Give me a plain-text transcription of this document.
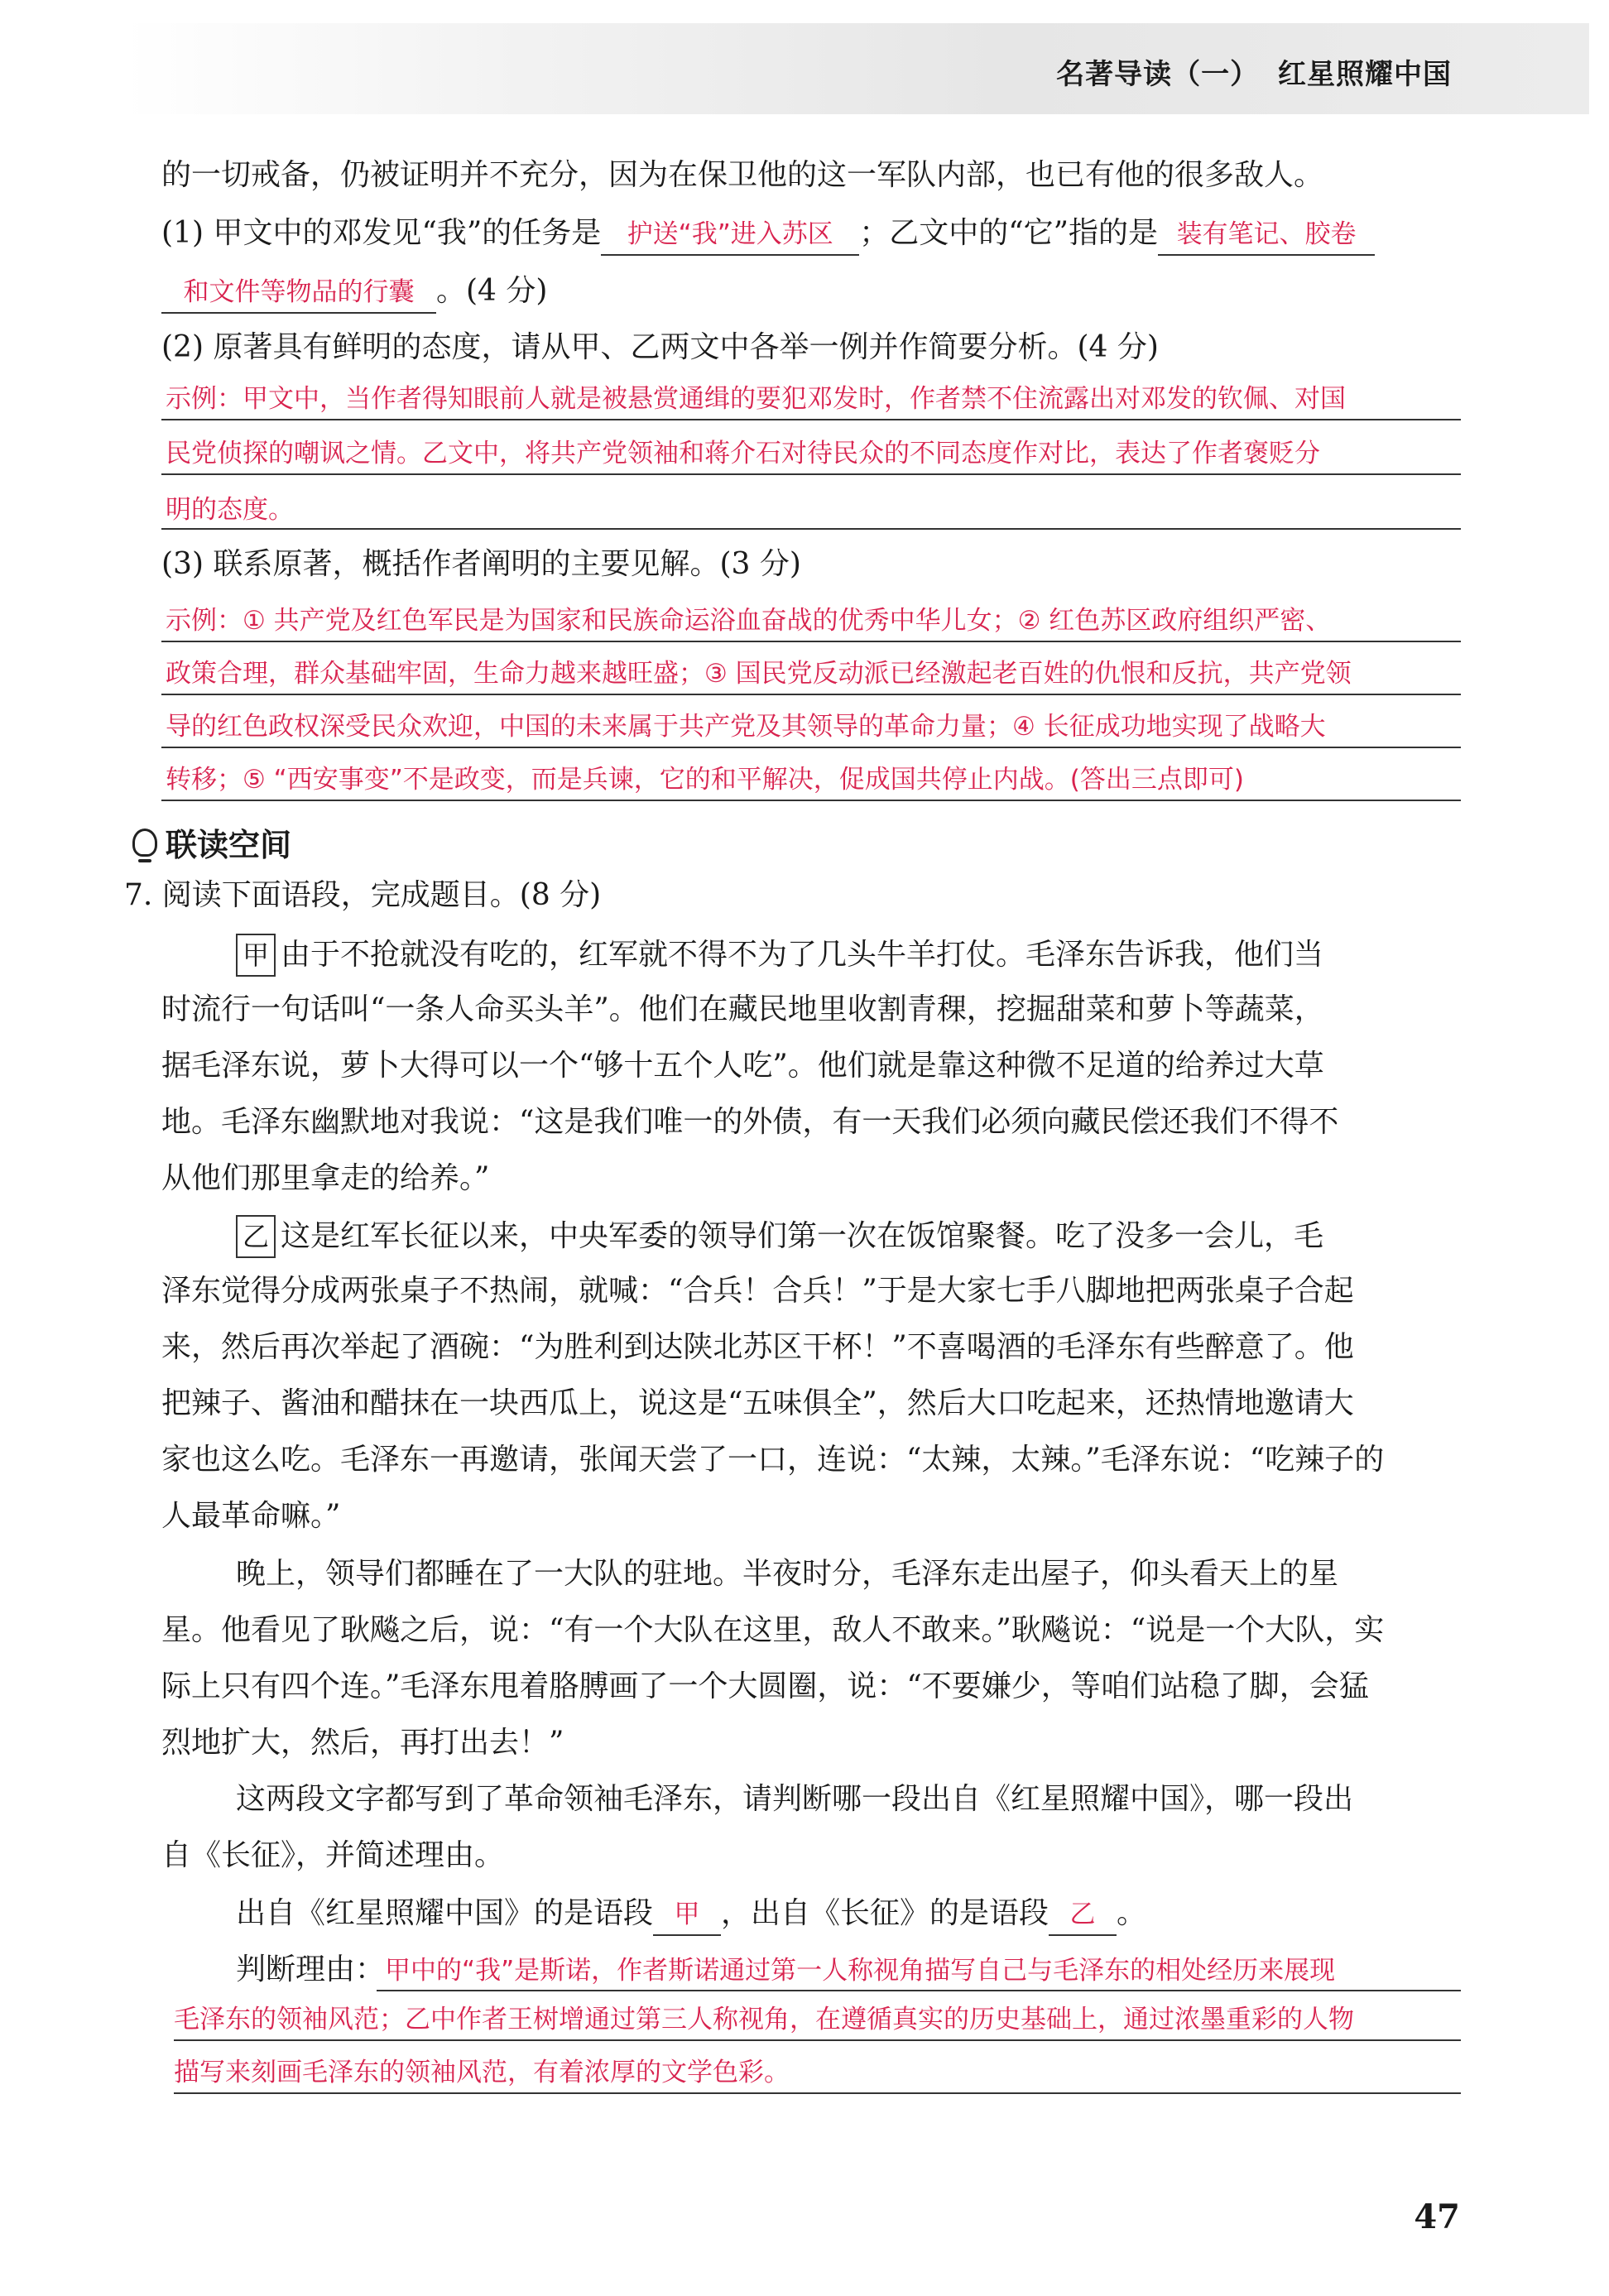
名著导读（一） 红星照耀中国
的一切戒备，仍被证明并不充分，因为在保卫他的这一军队内部，也已有他的很多敌人。
(1) 甲文中的邓发见“我”的任务是 护送“我”进入苏区 ；乙文中的“它”指的是 装有笔记、胶卷
和文件等物品的行囊 。(4 分)
(2) 原著具有鲜明的态度，请从甲、乙两文中各举一例并作简要分析。(4 分)
示例：甲文中，当作者得知眼前人就是被悬赏通缉的要犯邓发时，作者禁不住流露出对邓发的钦佩、对国
民党侦探的嘲讽之情。乙文中，将共产党领袖和蒋介石对待民众的不同态度作对比，表达了作者褒贬分
明的态度。
(3) 联系原著，概括作者阐明的主要见解。(3 分)
示例：① 共产党及红色军民是为国家和民族命运浴血奋战的优秀中华儿女；② 红色苏区政府组织严密、
政策合理，群众基础牢固，生命力越来越旺盛；③ 国民党反动派已经激起老百姓的仇恨和反抗，共产党领
导的红色政权深受民众欢迎，中国的未来属于共产党及其领导的革命力量；④ 长征成功地实现了战略大
转移；⑤ “西安事变”不是政变，而是兵谏，它的和平解决，促成国共停止内战。(答出三点即可)
联读空间
7. 阅读下面语段，完成题目。(8 分)
甲 由于不抢就没有吃的，红军就不得不为了几头牛羊打仗。毛泽东告诉我，他们当
时流行一句话叫“一条人命买头羊”。他们在藏民地里收割青稞，挖掘甜菜和萝卜等蔬菜，
据毛泽东说，萝卜大得可以一个“够十五个人吃”。他们就是靠这种微不足道的给养过大草
地。毛泽东幽默地对我说：“这是我们唯一的外债，有一天我们必须向藏民偿还我们不得不
从他们那里拿走的给养。”
乙 这是红军长征以来，中央军委的领导们第一次在饭馆聚餐。吃了没多一会儿，毛
泽东觉得分成两张桌子不热闹，就喊：“合兵！合兵！”于是大家七手八脚地把两张桌子合起
来，然后再次举起了酒碗：“为胜利到达陕北苏区干杯！”不喜喝酒的毛泽东有些醉意了。他
把辣子、酱油和醋抹在一块西瓜上，说这是“五味俱全”，然后大口吃起来，还热情地邀请大
家也这么吃。毛泽东一再邀请，张闻天尝了一口，连说：“太辣，太辣。”毛泽东说：“吃辣子的
人最革命嘛。”
晚上，领导们都睡在了一大队的驻地。半夜时分，毛泽东走出屋子，仰头看天上的星
星。他看见了耿飚之后，说：“有一个大队在这里，敌人不敢来。”耿飚说：“说是一个大队，实
际上只有四个连。”毛泽东甩着胳膊画了一个大圆圈，说：“不要嫌少，等咱们站稳了脚，会猛
烈地扩大，然后，再打出去！”
这两段文字都写到了革命领袖毛泽东，请判断哪一段出自《红星照耀中国》，哪一段出
自《长征》，并简述理由。
出自《红星照耀中国》的是语段 甲 ，出自《长征》的是语段 乙 。
判断理由：甲中的“我”是斯诺，作者斯诺通过第一人称视角描写自己与毛泽东的相处经历来展现
毛泽东的领袖风范；乙中作者王树增通过第三人称视角，在遵循真实的历史基础上，通过浓墨重彩的人物
描写来刻画毛泽东的领袖风范，有着浓厚的文学色彩。
47
